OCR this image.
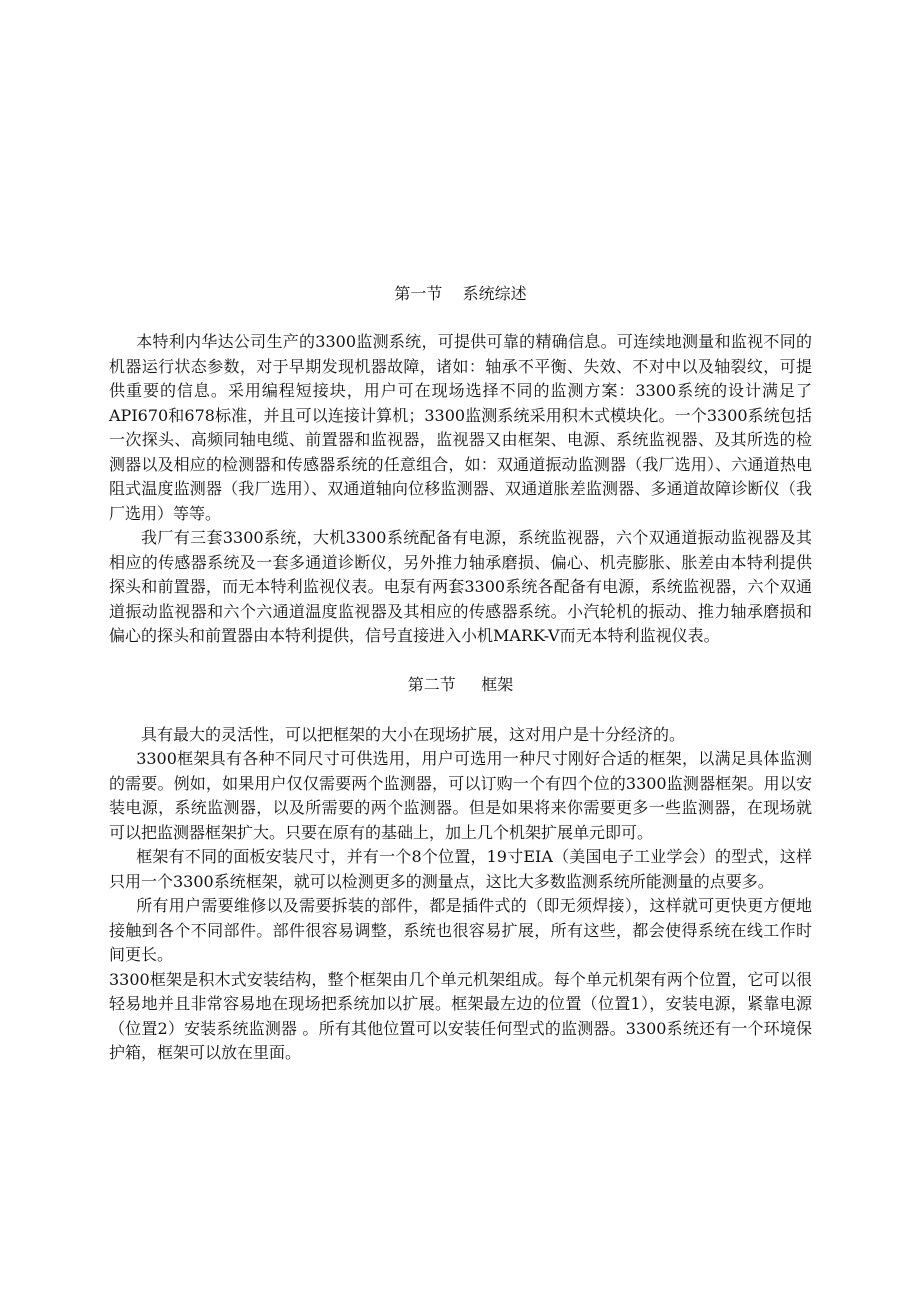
第一节    系统综述

本特利内华达公司生产的3300监测系统，可提供可靠的精确信息。可连续地测量和监视不同的机器运行状态参数，对于早期发现机器故障，诸如：轴承不平衡、失效、不对中以及轴裂纹，可提供重要的信息。采用编程短接块，用户可在现场选择不同的监测方案：3300系统的设计满足了API670和678标准，并且可以连接计算机；3300监测系统采用积木式模块化。一个3300系统包括一次探头、高频同轴电缆、前置器和监视器，监视器又由框架、电源、系统监视器、及其所选的检测器以及相应的检测器和传感器系统的任意组合，如：双通道振动监测器（我厂选用）、六通道热电阻式温度监测器（我厂选用）、双通道轴向位移监测器、双通道胀差监测器、多通道故障诊断仪（我厂选用）等等。

我厂有三套3300系统，大机3300系统配备有电源，系统监视器，六个双通道振动监视器及其相应的传感器系统及一套多通道诊断仪，另外推力轴承磨损、偏心、机壳膨胀、胀差由本特利提供探头和前置器，而无本特利监视仪表。电泵有两套3300系统各配备有电源，系统监视器，六个双通道振动监视器和六个六通道温度监视器及其相应的传感器系统。小汽轮机的振动、推力轴承磨损和偏心的探头和前置器由本特利提供，信号直接进入小机MARK-V而无本特利监视仪表。

第二节     框架

具有最大的灵活性，可以把框架的大小在现场扩展，这对用户是十分经济的。

3300框架具有各种不同尺寸可供选用，用户可选用一种尺寸刚好合适的框架，以满足具体监测的需要。例如，如果用户仅仅需要两个监测器，可以订购一个有四个位的3300监测器框架。用以安装电源，系统监测器，以及所需要的两个监测器。但是如果将来你需要更多一些监测器，在现场就可以把监测器框架扩大。只要在原有的基础上，加上几个机架扩展单元即可。

框架有不同的面板安装尺寸，并有一个8个位置，19寸EIA（美国电子工业学会）的型式，这样只用一个3300系统框架，就可以检测更多的测量点，这比大多数监测系统所能测量的点要多。

所有用户需要维修以及需要拆装的部件，都是插件式的（即无须焊接），这样就可更快更方便地接触到各个不同部件。部件很容易调整，系统也很容易扩展，所有这些，都会使得系统在线工作时间更长。

3300框架是积木式安装结构，整个框架由几个单元机架组成。每个单元机架有两个位置，它可以很轻易地并且非常容易地在现场把系统加以扩展。框架最左边的位置（位置1），安装电源，紧靠电源（位置2）安装系统监测器 。所有其他位置可以安装任何型式的监测器。3300系统还有一个环境保护箱，框架可以放在里面。
